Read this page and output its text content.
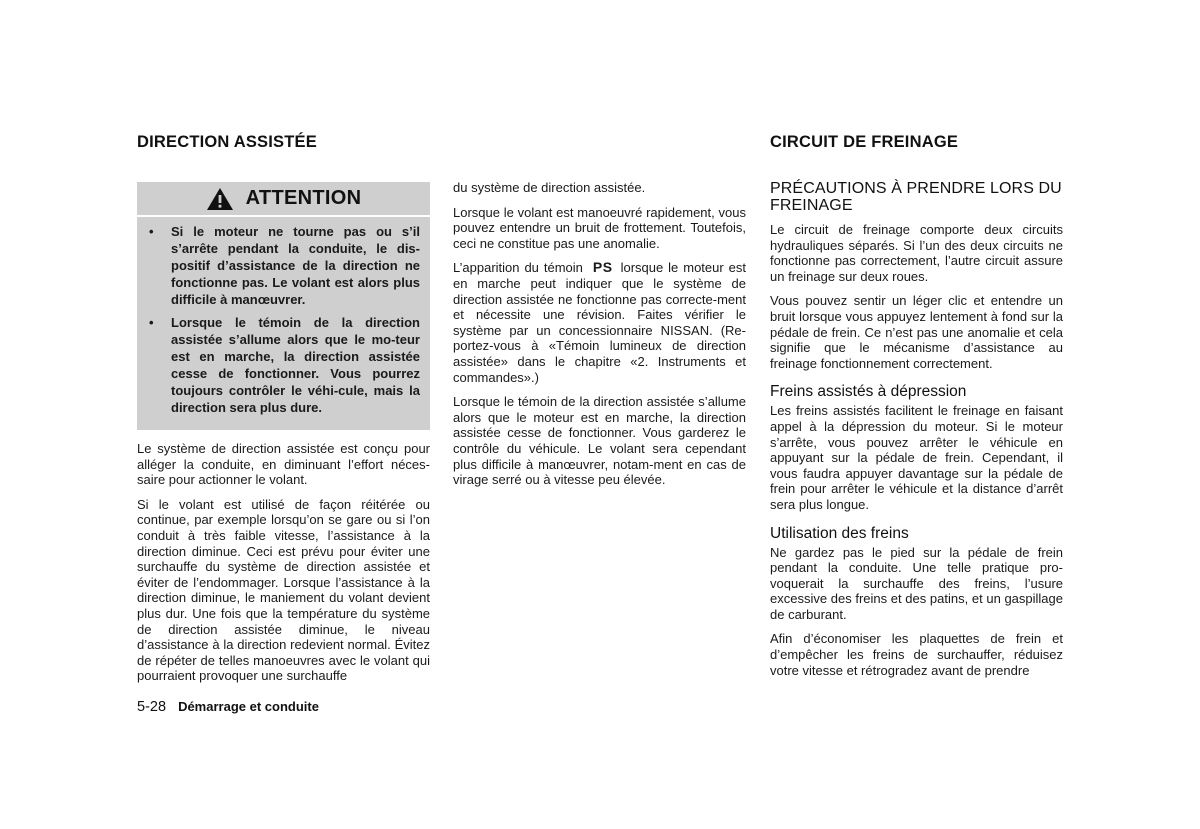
DIRECTION ASSISTÉE	CIRCUIT DE FREINAGE
ATTENTION
• Si le moteur ne tourne pas ou s’il s’arrête pendant la conduite, le dis-positif d’assistance de la direction ne fonctionne pas. Le volant est alors plus difficile à manœuvrer.
• Lorsque le témoin de la direction assistée s’allume alors que le mo-teur est en marche, la direction assistée cesse de fonctionner. Vous pourrez toujours contrôler le véhi-cule, mais la direction sera plus dure.

Le système de direction assistée est conçu pour alléger la conduite, en diminuant l’effort néces-saire pour actionner le volant.

Si le volant est utilisé de façon réitérée ou continue, par exemple lorsqu’on se gare ou si l’on conduit à très faible vitesse, l’assistance à la direction diminue. Ceci est prévu pour éviter une surchauffe du système de direction assistée et éviter de l’endommager. Lorsque l’assistance à la direction diminue, le maniement du volant devient plus dur. Une fois que la température du système de direction assistée diminue, le niveau d’assistance à la direction redevient normal. Évitez de répéter de telles manoeuvres avec le volant qui pourraient provoquer une surchauffe

du système de direction assistée.

Lorsque le volant est manoeuvré rapidement, vous pouvez entendre un bruit de frottement. Toutefois, ceci ne constitue pas une anomalie.

L’apparition du témoin PS lorsque le moteur est en marche peut indiquer que le système de direction assistée ne fonctionne pas correcte-ment et nécessite une révision. Faites vérifier le système par un concessionnaire NISSAN. (Re-portez-vous à «Témoin lumineux de direction assistée» dans le chapitre «2. Instruments et commandes».)

Lorsque le témoin de la direction assistée s’allume alors que le moteur est en marche, la direction assistée cesse de fonctionner. Vous garderez le contrôle du véhicule. Le volant sera cependant plus difficile à manœuvrer, notam-ment en cas de virage serré ou à vitesse peu élevée.

PRÉCAUTIONS À PRENDRE LORS DU FREINAGE

Le circuit de freinage comporte deux circuits hydrauliques séparés. Si l’un des deux circuits ne fonctionne pas correctement, l’autre circuit assure un freinage sur deux roues.

Vous pouvez sentir un léger clic et entendre un bruit lorsque vous appuyez lentement à fond sur la pédale de frein. Ce n’est pas une anomalie et cela signifie que le mécanisme d’assistance au freinage fonctionnement correctement.

Freins assistés à dépression

Les freins assistés facilitent le freinage en faisant appel à la dépression du moteur. Si le moteur s’arrête, vous pouvez arrêter le véhicule en appuyant sur la pédale de frein. Cependant, il vous faudra appuyer davantage sur la pédale de frein pour arrêter le véhicule et la distance d’arrêt sera plus longue.

Utilisation des freins

Ne gardez pas le pied sur la pédale de frein pendant la conduite. Une telle pratique pro-voquerait la surchauffe des freins, l’usure excessive des freins et des patins, et un gaspillage de carburant.

Afin d’économiser les plaquettes de frein et d’empêcher les freins de surchauffer, réduisez votre vitesse et rétrogradez avant de prendre

5-28 Démarrage et conduite
